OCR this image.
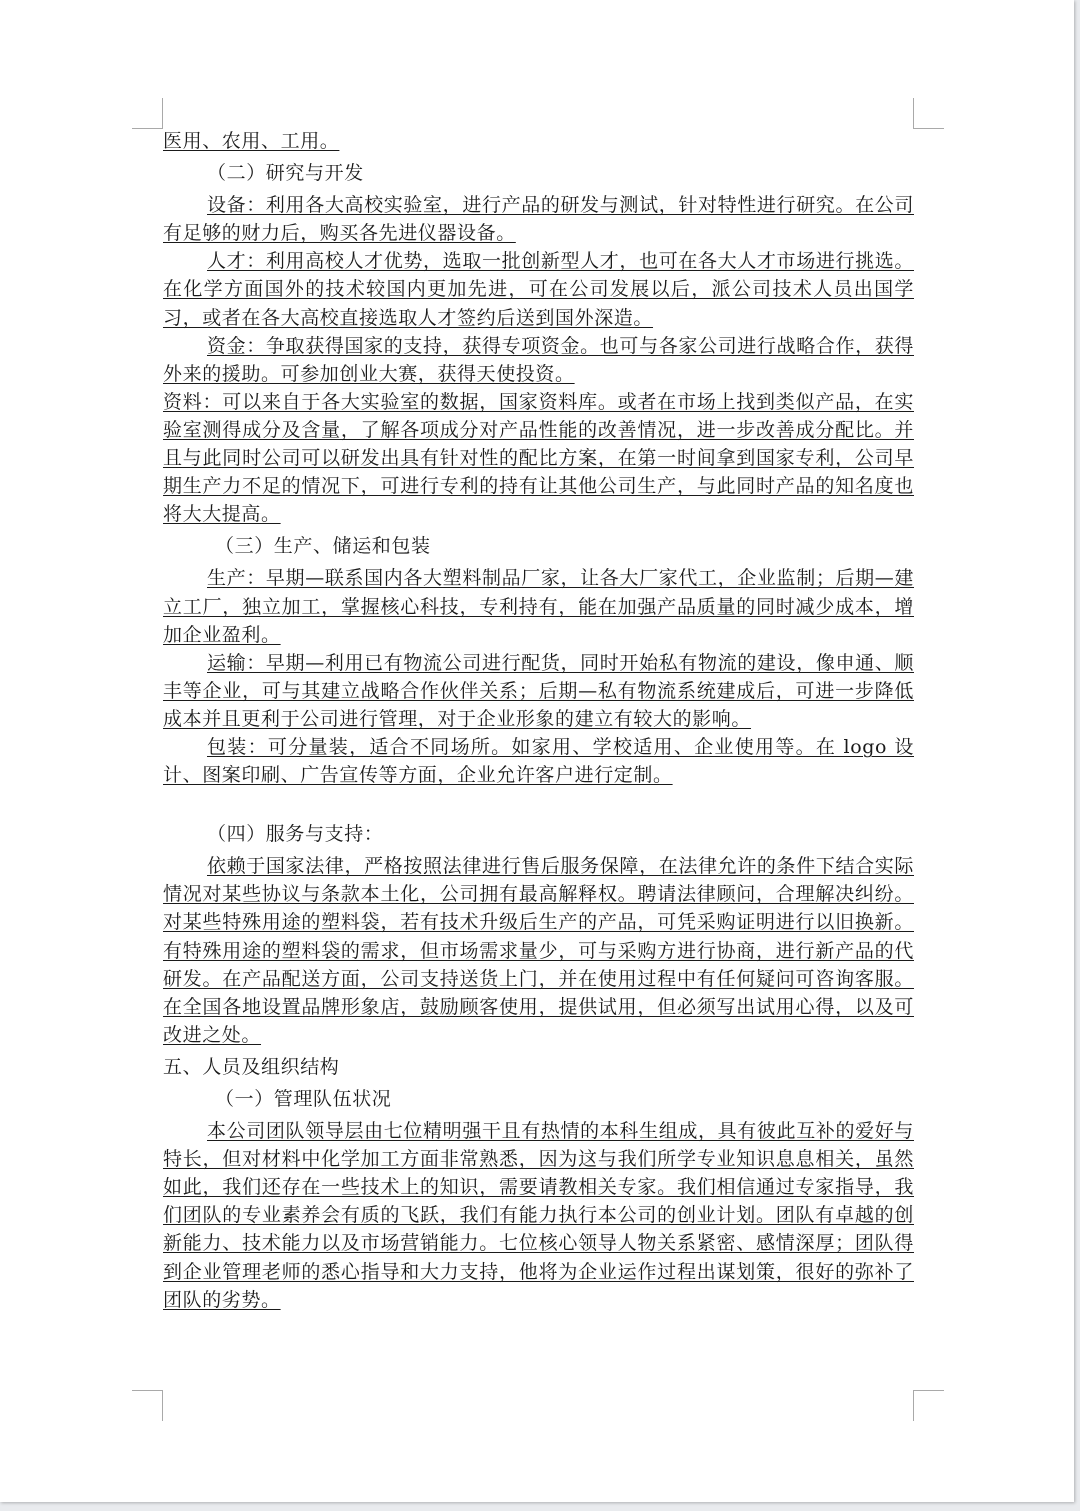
医用、农用、工用。

（二）研究与开发

设备：利用各大高校实验室，进行产品的研发与测试，针对特性进行研究。在公司有足够的财力后，购买各先进仪器设备。

人才：利用高校人才优势，选取一批创新型人才，也可在各大人才市场进行挑选。在化学方面国外的技术较国内更加先进，可在公司发展以后，派公司技术人员出国学习，或者在各大高校直接选取人才签约后送到国外深造。

资金：争取获得国家的支持，获得专项资金。也可与各家公司进行战略合作，获得外来的援助。可参加创业大赛，获得天使投资。

资料：可以来自于各大实验室的数据，国家资料库。或者在市场上找到类似产品，在实验室测得成分及含量，了解各项成分对产品性能的改善情况，进一步改善成分配比。并且与此同时公司可以研发出具有针对性的配比方案，在第一时间拿到国家专利，公司早期生产力不足的情况下，可进行专利的持有让其他公司生产，与此同时产品的知名度也将大大提高。

（三）生产、储运和包装

生产：早期—联系国内各大塑料制品厂家，让各大厂家代工，企业监制；后期—建立工厂，独立加工，掌握核心科技，专利持有，能在加强产品质量的同时减少成本，增加企业盈利。

运输：早期—利用已有物流公司进行配货，同时开始私有物流的建设，像申通、顺丰等企业，可与其建立战略合作伙伴关系；后期—私有物流系统建成后，可进一步降低成本并且更利于公司进行管理，对于企业形象的建立有较大的影响。

包装：可分量装，适合不同场所。如家用、学校适用、企业使用等。在 logo 设计、图案印刷、广告宣传等方面，企业允许客户进行定制。

（四）服务与支持：

依赖于国家法律，严格按照法律进行售后服务保障，在法律允许的条件下结合实际情况对某些协议与条款本土化，公司拥有最高解释权。聘请法律顾问，合理解决纠纷。对某些特殊用途的塑料袋，若有技术升级后生产的产品，可凭采购证明进行以旧换新。有特殊用途的塑料袋的需求，但市场需求量少，可与采购方进行协商，进行新产品的代研发。在产品配送方面，公司支持送货上门，并在使用过程中有任何疑问可咨询客服。在全国各地设置品牌形象店，鼓励顾客使用，提供试用，但必须写出试用心得，以及可改进之处。

五、人员及组织结构

（一）管理队伍状况

本公司团队领导层由七位精明强干且有热情的本科生组成，具有彼此互补的爱好与特长，但对材料中化学加工方面非常熟悉，因为这与我们所学专业知识息息相关，虽然如此，我们还存在一些技术上的知识，需要请教相关专家。我们相信通过专家指导，我们团队的专业素养会有质的飞跃，我们有能力执行本公司的创业计划。团队有卓越的创新能力、技术能力以及市场营销能力。七位核心领导人物关系紧密、感情深厚；团队得到企业管理老师的悉心指导和大力支持，他将为企业运作过程出谋划策，很好的弥补了团队的劣势。
